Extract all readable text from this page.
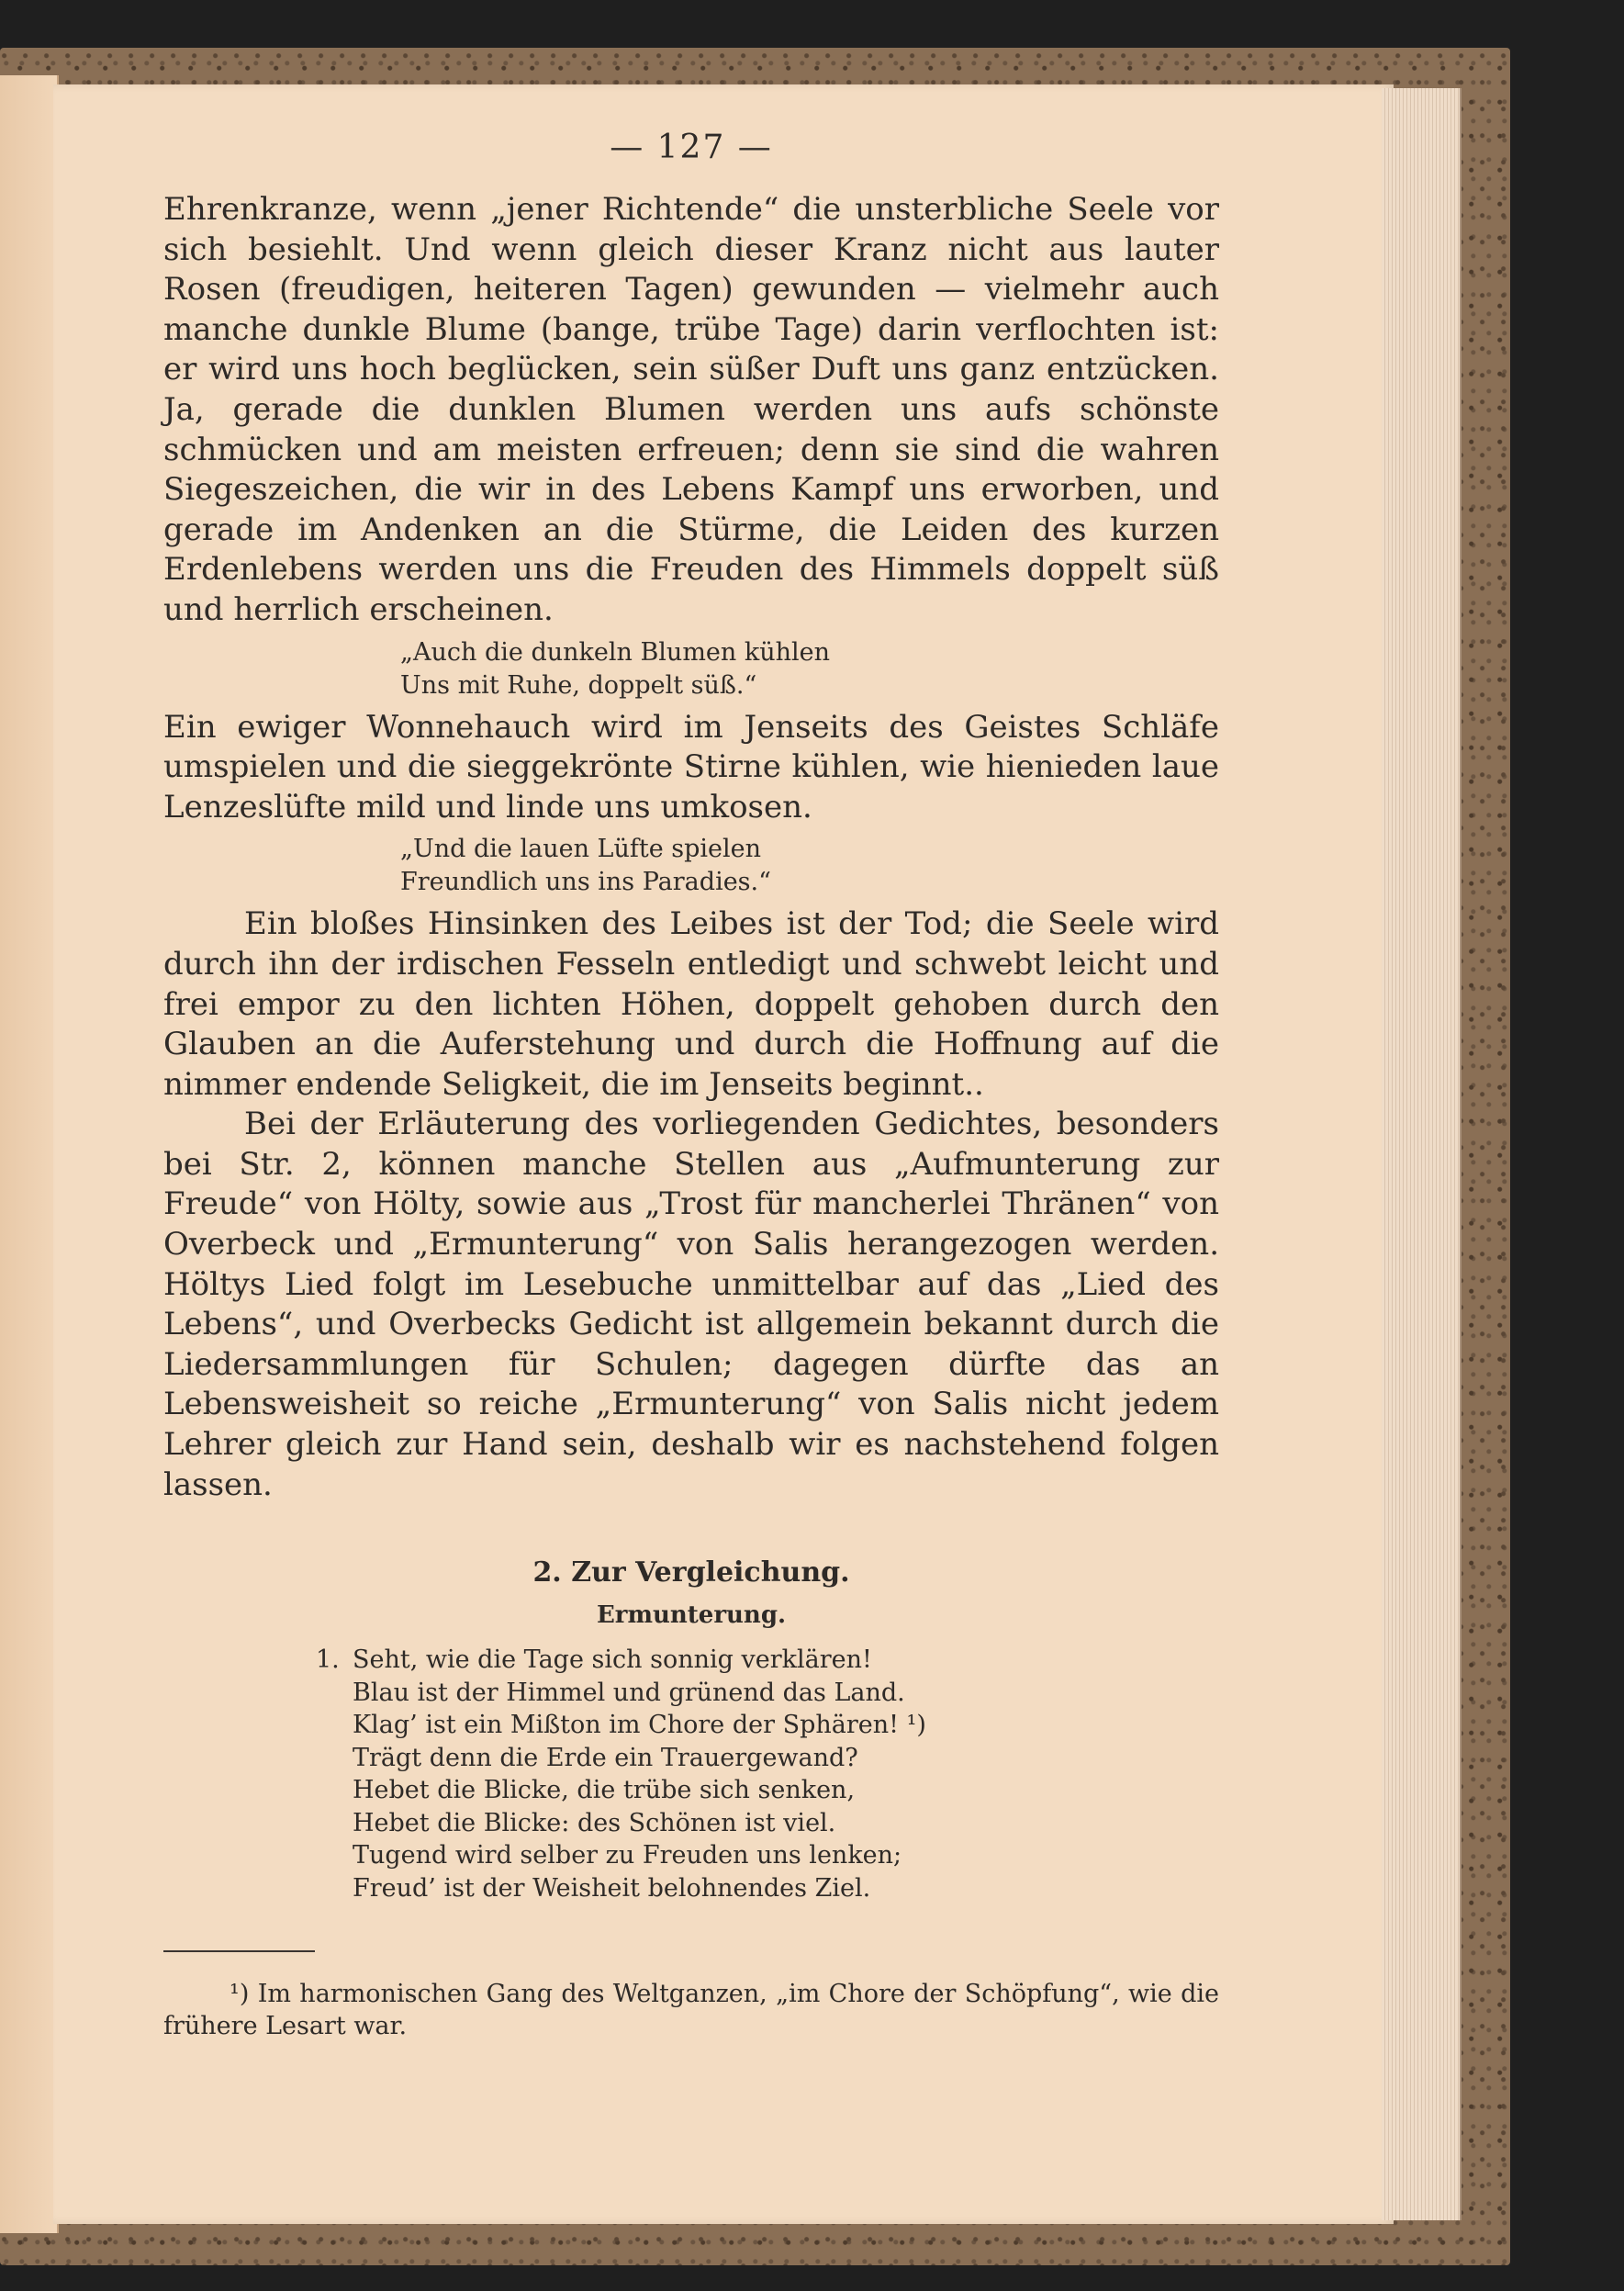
— 127 —

Ehrenkranze, wenn „jener Richtende“ die unsterbliche Seele vor sich besiehlt. Und wenn gleich dieser Kranz nicht aus lauter Rosen (freudigen, heiteren Tagen) gewunden — vielmehr auch manche dunkle Blume (bange, trübe Tage) darin verflochten ist: er wird uns hoch beglücken, sein süßer Duft uns ganz entzücken. Ja, gerade die dunklen Blumen werden uns aufs schönste schmücken und am meisten erfreuen; denn sie sind die wahren Siegeszeichen, die wir in des Lebens Kampf uns erworben, und gerade im Andenken an die Stürme, die Leiden des kurzen Erdenlebens werden uns die Freuden des Himmels doppelt süß und herrlich erscheinen.

„Auch die dunkeln Blumen kühlen
Uns mit Ruhe, doppelt süß.“

Ein ewiger Wonnehauch wird im Jenseits des Geistes Schläfe umspielen und die sieggekrönte Stirne kühlen, wie hienieden laue Lenzeslüfte mild und linde uns umkosen.

„Und die lauen Lüfte spielen
Freundlich uns ins Paradies.“

Ein bloßes Hinsinken des Leibes ist der Tod; die Seele wird durch ihn der irdischen Fesseln entledigt und schwebt leicht und frei empor zu den lichten Höhen, doppelt gehoben durch den Glauben an die Auferstehung und durch die Hoffnung auf die nimmer endende Seligkeit, die im Jenseits beginnt..

Bei der Erläuterung des vorliegenden Gedichtes, besonders bei Str. 2, können manche Stellen aus „Aufmunterung zur Freude“ von Hölty, sowie aus „Trost für mancherlei Thränen“ von Overbeck und „Ermunterung“ von Salis herangezogen werden. Höltys Lied folgt im Lesebuche unmittelbar auf das „Lied des Lebens“, und Overbecks Gedicht ist allgemein bekannt durch die Liedersammlungen für Schulen; dagegen dürfte das an Lebensweisheit so reiche „Ermunterung“ von Salis nicht jedem Lehrer gleich zur Hand sein, deshalb wir es nachstehend folgen lassen.

2. Zur Vergleichung.
Ermunterung.
1. Seht, wie die Tage sich sonnig verklären!
Blau ist der Himmel und grünend das Land.
Klag’ ist ein Mißton im Chore der Sphären! ¹)
Trägt denn die Erde ein Trauergewand?
Hebet die Blicke, die trübe sich senken,
Hebet die Blicke: des Schönen ist viel.
Tugend wird selber zu Freuden uns lenken;
Freud’ ist der Weisheit belohnendes Ziel.

¹) Im harmonischen Gang des Weltganzen, „im Chore der Schöpfung“, wie die frühere Lesart war.
